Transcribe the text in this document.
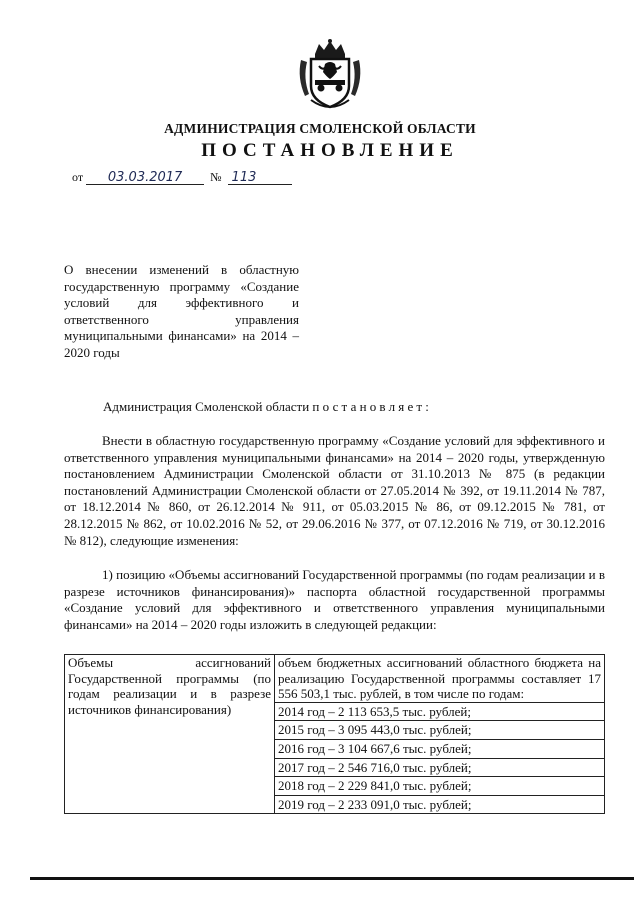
АДМИНИСТРАЦИЯ СМОЛЕНСКОЙ ОБЛАСТИ
ПОСТАНОВЛЕНИЕ
от 03.03.2017 № 113
О внесении изменений в областную государственную программу «Создание условий для эффективного и ответственного управления муниципальными финансами» на 2014 – 2020 годы
Администрация Смоленской области постановляет:
Внести в областную государственную программу «Создание условий для эффективного и ответственного управления муниципальными финансами» на 2014 – 2020 годы, утвержденную постановлением Администрации Смоленской области от 31.10.2013 № 875 (в редакции постановлений Администрации Смоленской области от 27.05.2014 № 392, от 19.11.2014 № 787, от 18.12.2014 № 860, от 26.12.2014 № 911, от 05.03.2015 № 86, от 09.12.2015 № 781, от 28.12.2015 № 862, от 10.02.2016 № 52, от 29.06.2016 № 377, от 07.12.2016 № 719, от 30.12.2016 № 812), следующие изменения:
1) позицию «Объемы ассигнований Государственной программы (по годам реализации и в разрезе источников финансирования)» паспорта областной государственной программы «Создание условий для эффективного и ответственного управления муниципальными финансами» на 2014 – 2020 годы изложить в следующей редакции:
Объемы ассигнований Государственной программы (по годам реализации и в разрезе источников финансирования)	объем бюджетных ассигнований областного бюджета на реализацию Государственной программы составляет 17 556 503,1 тыс. рублей, в том числе по годам:
2014 год – 2 113 653,5 тыс. рублей;
2015 год – 3 095 443,0 тыс. рублей;
2016 год – 3 104 667,6 тыс. рублей;
2017 год – 2 546 716,0 тыс. рублей;
2018 год – 2 229 841,0 тыс. рублей;
2019 год – 2 233 091,0 тыс. рублей;
